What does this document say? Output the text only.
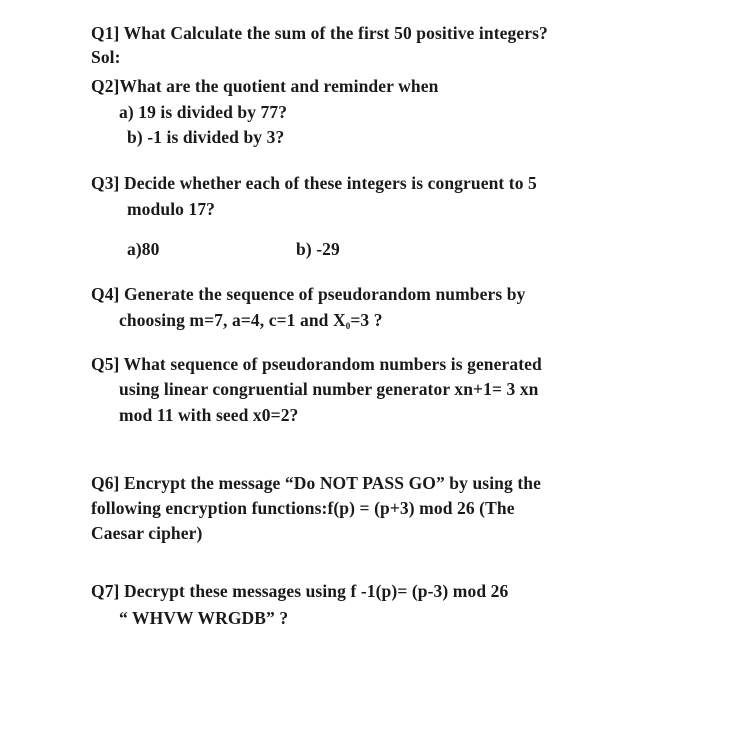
Q1] What Calculate the sum of the first 50 positive integers?
Sol:
Q2]What are the quotient and reminder when
a) 19 is divided by 77?
b) -1 is divided by 3?
Q3] Decide whether each of these integers is congruent to 5
modulo 17?
a)80	b) -29
Q4] Generate the sequence of pseudorandom numbers by
choosing m=7, a=4, c=1 and $X_0=3$ ?
Q5] What sequence of pseudorandom numbers is generated
using linear congruential number generator xn+1= 3 xn
mod 11 with seed x0=2?
Q6] Encrypt the message “Do NOT PASS GO” by using the
following encryption functions:f(p) = (p+3) mod 26 (The
Caesar cipher)
Q7] Decrypt these messages using f -1(p)= (p-3) mod 26
“ WHVW WRGDB” ?
